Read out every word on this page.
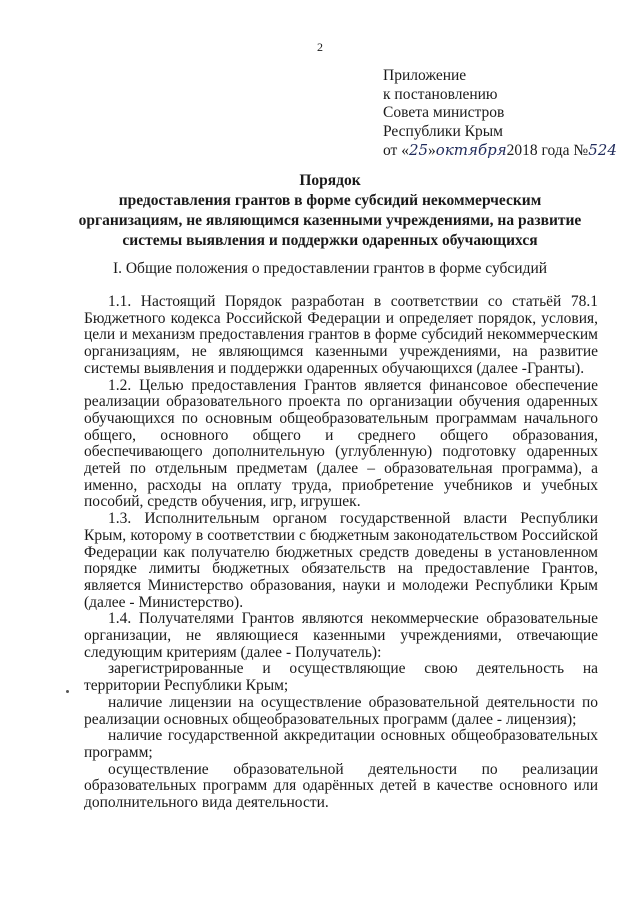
2
Приложение
к постановлению
Совета министров
Республики Крым
от «25»октября2018 года №524
Порядок
предоставления грантов в форме субсидий некоммерческим
организациям, не являющимся казенными учреждениями, на развитие
системы выявления и поддержки одаренных обучающихся
I. Общие положения о предоставлении грантов в форме субсидий

1.1. Настоящий Порядок разработан в соответствии со статьёй 78.1 Бюджетного кодекса Российской Федерации и определяет порядок, условия, цели и механизм предоставления грантов в форме субсидий некоммерческим организациям, не являющимся казенными учреждениями, на развитие системы выявления и поддержки одаренных обучающихся (далее -Гранты).

1.2. Целью предоставления Грантов является финансовое обеспечение реализации образовательного проекта по организации обучения одаренных обучающихся по основным общеобразовательным программам начального общего, основного общего и среднего общего образования, обеспечивающего дополнительную (углубленную) подготовку одаренных детей по отдельным предметам (далее – образовательная программа), а именно, расходы на оплату труда, приобретение учебников и учебных пособий, средств обучения, игр, игрушек.

1.3. Исполнительным органом государственной власти Республики Крым, которому в соответствии с бюджетным законодательством Российской Федерации как получателю бюджетных средств доведены в установленном порядке лимиты бюджетных обязательств на предоставление Грантов, является Министерство образования, науки и молодежи Республики Крым (далее - Министерство).

1.4. Получателями Грантов являются некоммерческие образовательные организации, не являющиеся казенными учреждениями, отвечающие следующим критериям (далее - Получатель):

зарегистрированные и осуществляющие свою деятельность на территории Республики Крым;

наличие лицензии на осуществление образовательной деятельности по реализации основных общеобразовательных программ (далее - лицензия);

наличие государственной аккредитации основных общеобразовательных программ;

осуществление образовательной деятельности по реализации образовательных программ для одарённых детей в качестве основного или дополнительного вида деятельности.
